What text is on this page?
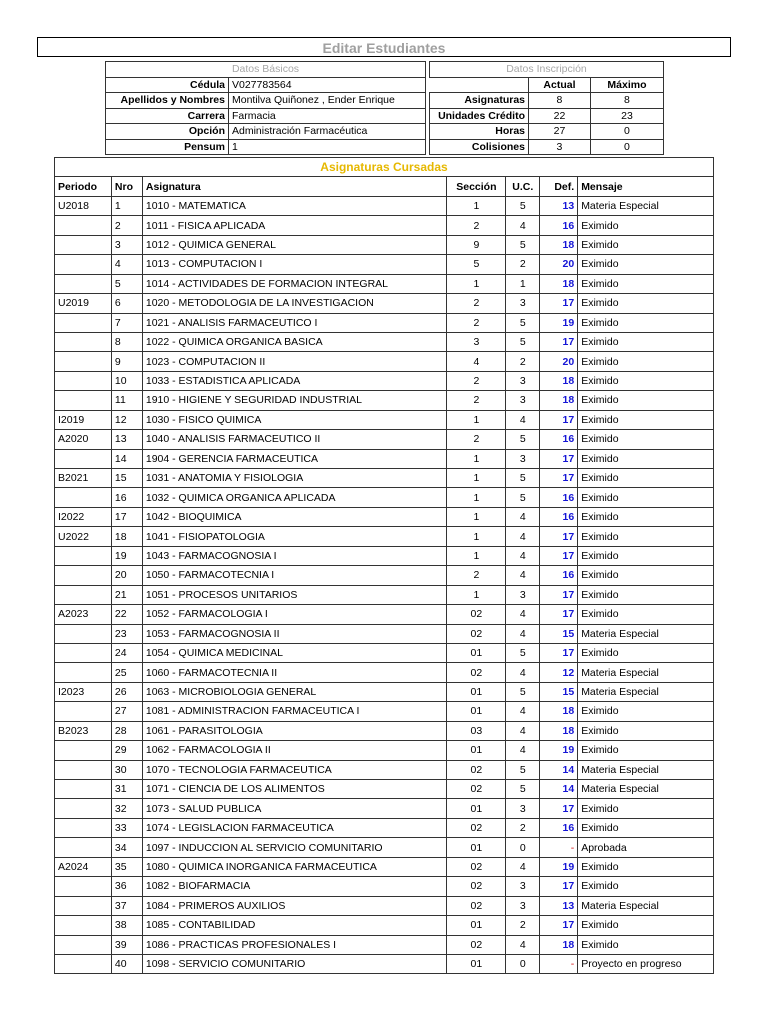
Editar Estudiantes
Datos Básicos	
Cédula	V027783564
Apellidos y Nombres	Montilva Quiñonez , Ender Enrique
Carrera	Farmacia
Opción	Administración Farmacéutica
Pensum	1
Datos Inscripción		
	Actual	Máximo
Asignaturas	8	8
Unidades Crédito	22	23
Horas	27	0
Colisiones	3	0
Asignaturas Cursadas						
Periodo	Nro	Asignatura	Sección	U.C.	Def.	Mensaje
U2018	1	1010 - MATEMATICA	1	5	13	Materia Especial
	2	1011 - FISICA APLICADA	2	4	16	Eximido
	3	1012 - QUIMICA GENERAL	9	5	18	Eximido
	4	1013 - COMPUTACION I	5	2	20	Eximido
	5	1014 - ACTIVIDADES DE FORMACION INTEGRAL	1	1	18	Eximido
U2019	6	1020 - METODOLOGIA DE LA INVESTIGACION	2	3	17	Eximido
	7	1021 - ANALISIS FARMACEUTICO I	2	5	19	Eximido
	8	1022 - QUIMICA ORGANICA BASICA	3	5	17	Eximido
	9	1023 - COMPUTACION II	4	2	20	Eximido
	10	1033 - ESTADISTICA APLICADA	2	3	18	Eximido
	11	1910 - HIGIENE Y SEGURIDAD INDUSTRIAL	2	3	18	Eximido
I2019	12	1030 - FISICO QUIMICA	1	4	17	Eximido
A2020	13	1040 - ANALISIS FARMACEUTICO II	2	5	16	Eximido
	14	1904 - GERENCIA FARMACEUTICA	1	3	17	Eximido
B2021	15	1031 - ANATOMIA Y FISIOLOGIA	1	5	17	Eximido
	16	1032 - QUIMICA ORGANICA APLICADA	1	5	16	Eximido
I2022	17	1042 - BIOQUIMICA	1	4	16	Eximido
U2022	18	1041 - FISIOPATOLOGIA	1	4	17	Eximido
	19	1043 - FARMACOGNOSIA I	1	4	17	Eximido
	20	1050 - FARMACOTECNIA I	2	4	16	Eximido
	21	1051 - PROCESOS UNITARIOS	1	3	17	Eximido
A2023	22	1052 - FARMACOLOGIA I	02	4	17	Eximido
	23	1053 - FARMACOGNOSIA II	02	4	15	Materia Especial
	24	1054 - QUIMICA MEDICINAL	01	5	17	Eximido
	25	1060 - FARMACOTECNIA II	02	4	12	Materia Especial
I2023	26	1063 - MICROBIOLOGIA GENERAL	01	5	15	Materia Especial
	27	1081 - ADMINISTRACION FARMACEUTICA I	01	4	18	Eximido
B2023	28	1061 - PARASITOLOGIA	03	4	18	Eximido
	29	1062 - FARMACOLOGIA II	01	4	19	Eximido
	30	1070 - TECNOLOGIA FARMACEUTICA	02	5	14	Materia Especial
	31	1071 - CIENCIA DE LOS ALIMENTOS	02	5	14	Materia Especial
	32	1073 - SALUD PUBLICA	01	3	17	Eximido
	33	1074 - LEGISLACION FARMACEUTICA	02	2	16	Eximido
	34	1097 - INDUCCION AL SERVICIO COMUNITARIO	01	0	-	Aprobada
A2024	35	1080 - QUIMICA INORGANICA FARMACEUTICA	02	4	19	Eximido
	36	1082 - BIOFARMACIA	02	3	17	Eximido
	37	1084 - PRIMEROS AUXILIOS	02	3	13	Materia Especial
	38	1085 - CONTABILIDAD	01	2	17	Eximido
	39	1086 - PRACTICAS PROFESIONALES I	02	4	18	Eximido
	40	1098 - SERVICIO COMUNITARIO	01	0	-	Proyecto en progreso
